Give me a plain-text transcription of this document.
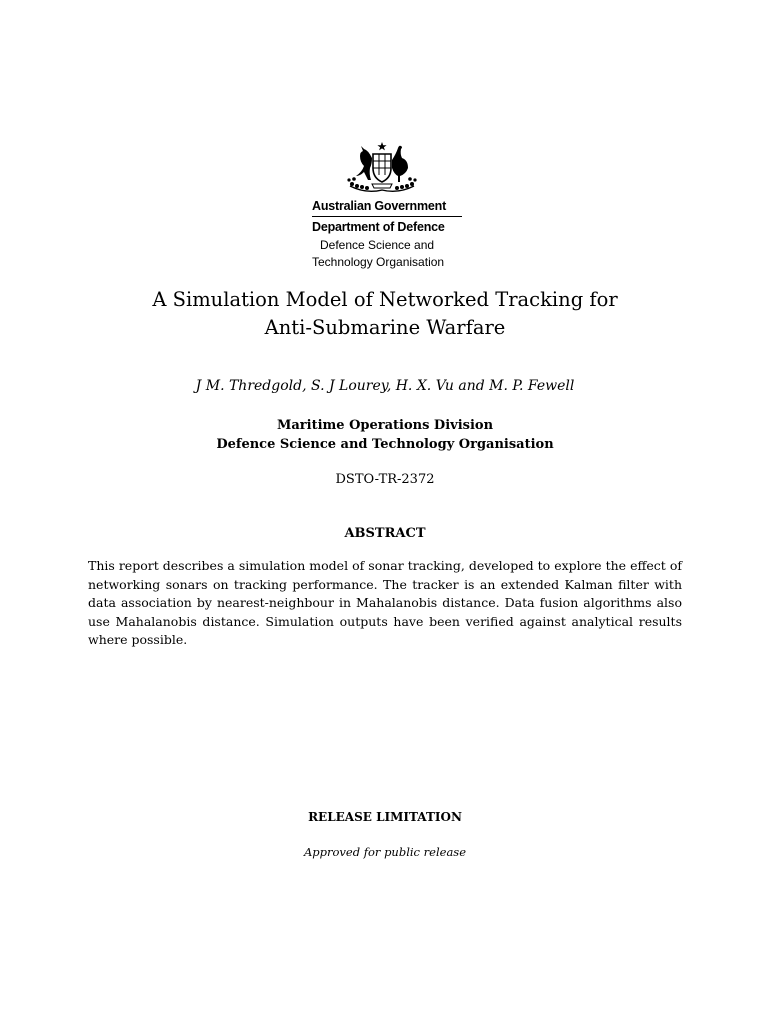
Australian Government
Department of Defence
Defence Science and
Technology Organisation
A Simulation Model of Networked Tracking for
Anti-Submarine Warfare
J M. Thredgold, S. J Lourey, H. X. Vu and M. P. Fewell
Maritime Operations Division
Defence Science and Technology Organisation
DSTO-TR-2372
ABSTRACT

This report describes a simulation model of sonar tracking, developed to explore the effect of networking sonars on tracking performance. The tracker is an extended Kalman filter with data association by nearest-neighbour in Mahalanobis distance. Data fusion algorithms also use Mahalanobis distance. Simulation outputs have been verified against analytical results where possible.

RELEASE LIMITATION
Approved for public release
